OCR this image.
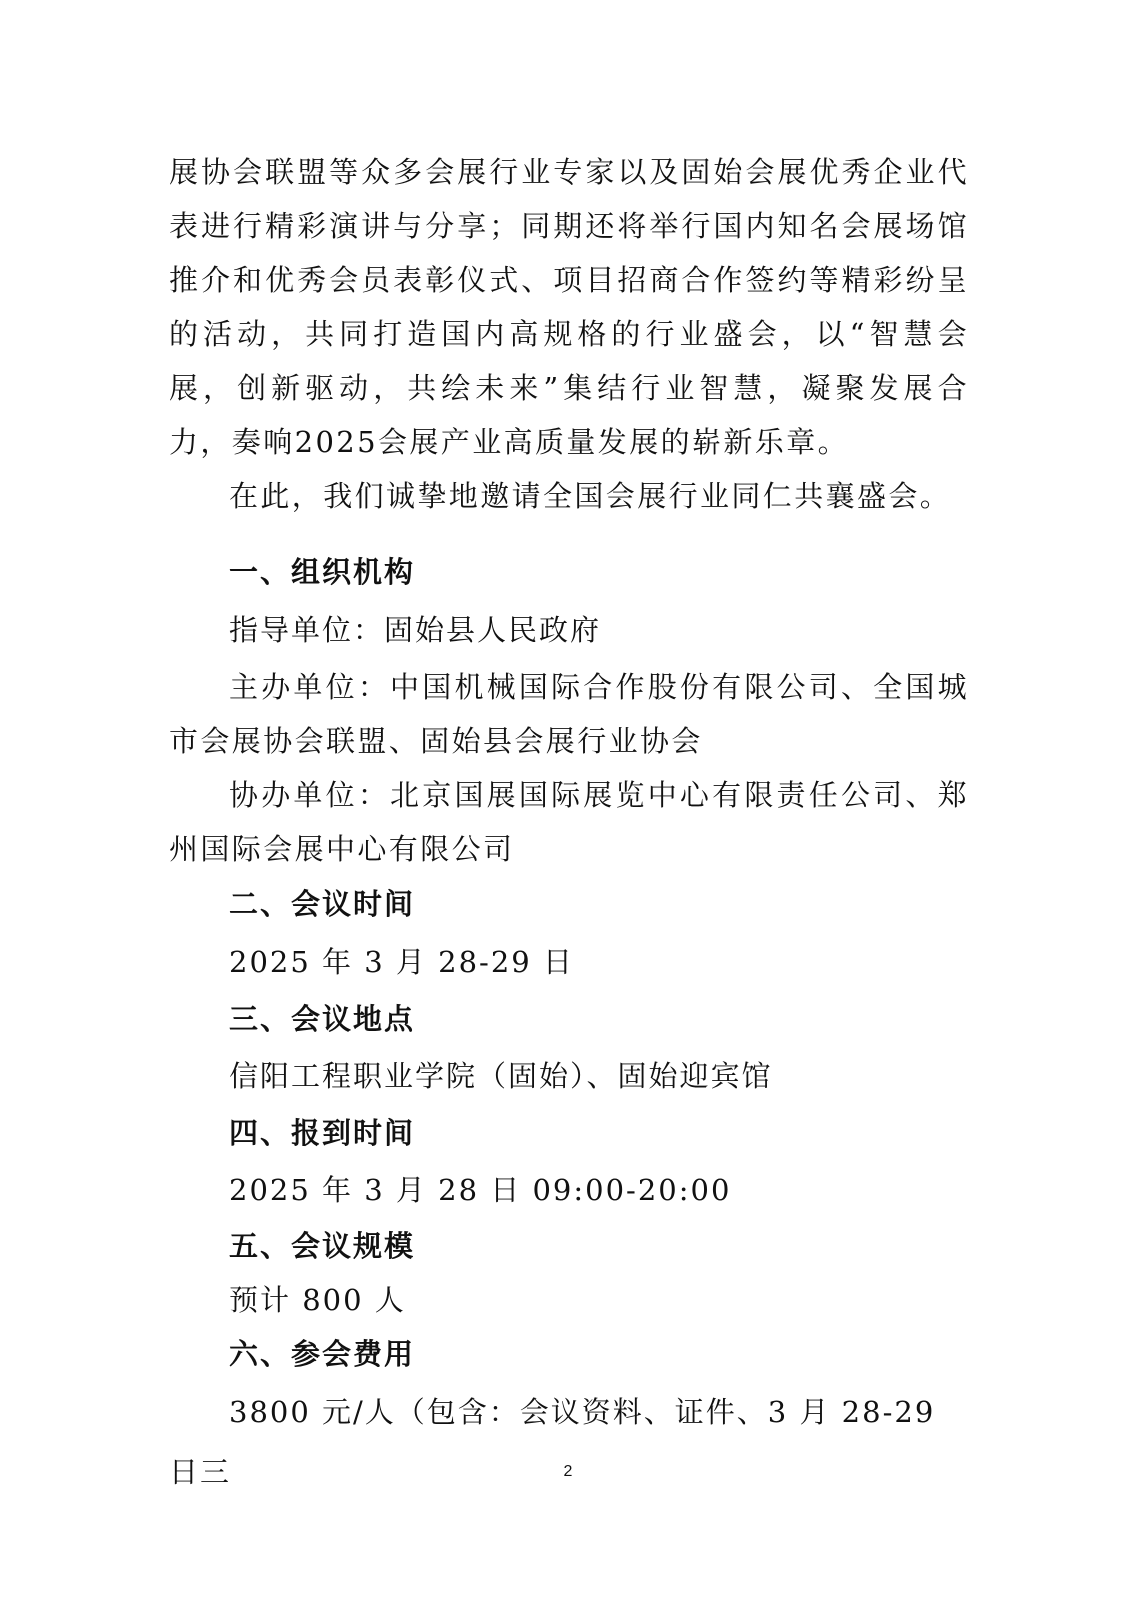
展协会联盟等众多会展行业专家以及固始会展优秀企业代表进行精彩演讲与分享；同期还将举行国内知名会展场馆推介和优秀会员表彰仪式、项目招商合作签约等精彩纷呈的活动，共同打造国内高规格的行业盛会，以“智慧会展，创新驱动，共绘未来”集结行业智慧，凝聚发展合力，奏响2025会展产业高质量发展的崭新乐章。

在此，我们诚挚地邀请全国会展行业同仁共襄盛会。

一、组织机构

指导单位：固始县人民政府

主办单位：中国机械国际合作股份有限公司、全国城市会展协会联盟、固始县会展行业协会

协办单位：北京国展国际展览中心有限责任公司、郑州国际会展中心有限公司

二、会议时间

2025 年 3 月 28-29 日

三、会议地点

信阳工程职业学院（固始）、固始迎宾馆

四、报到时间

2025 年 3 月 28 日 09:00-20:00

五、会议规模

预计 800 人

六、参会费用

3800 元/人（包含：会议资料、证件、3 月 28-29 日三	2
